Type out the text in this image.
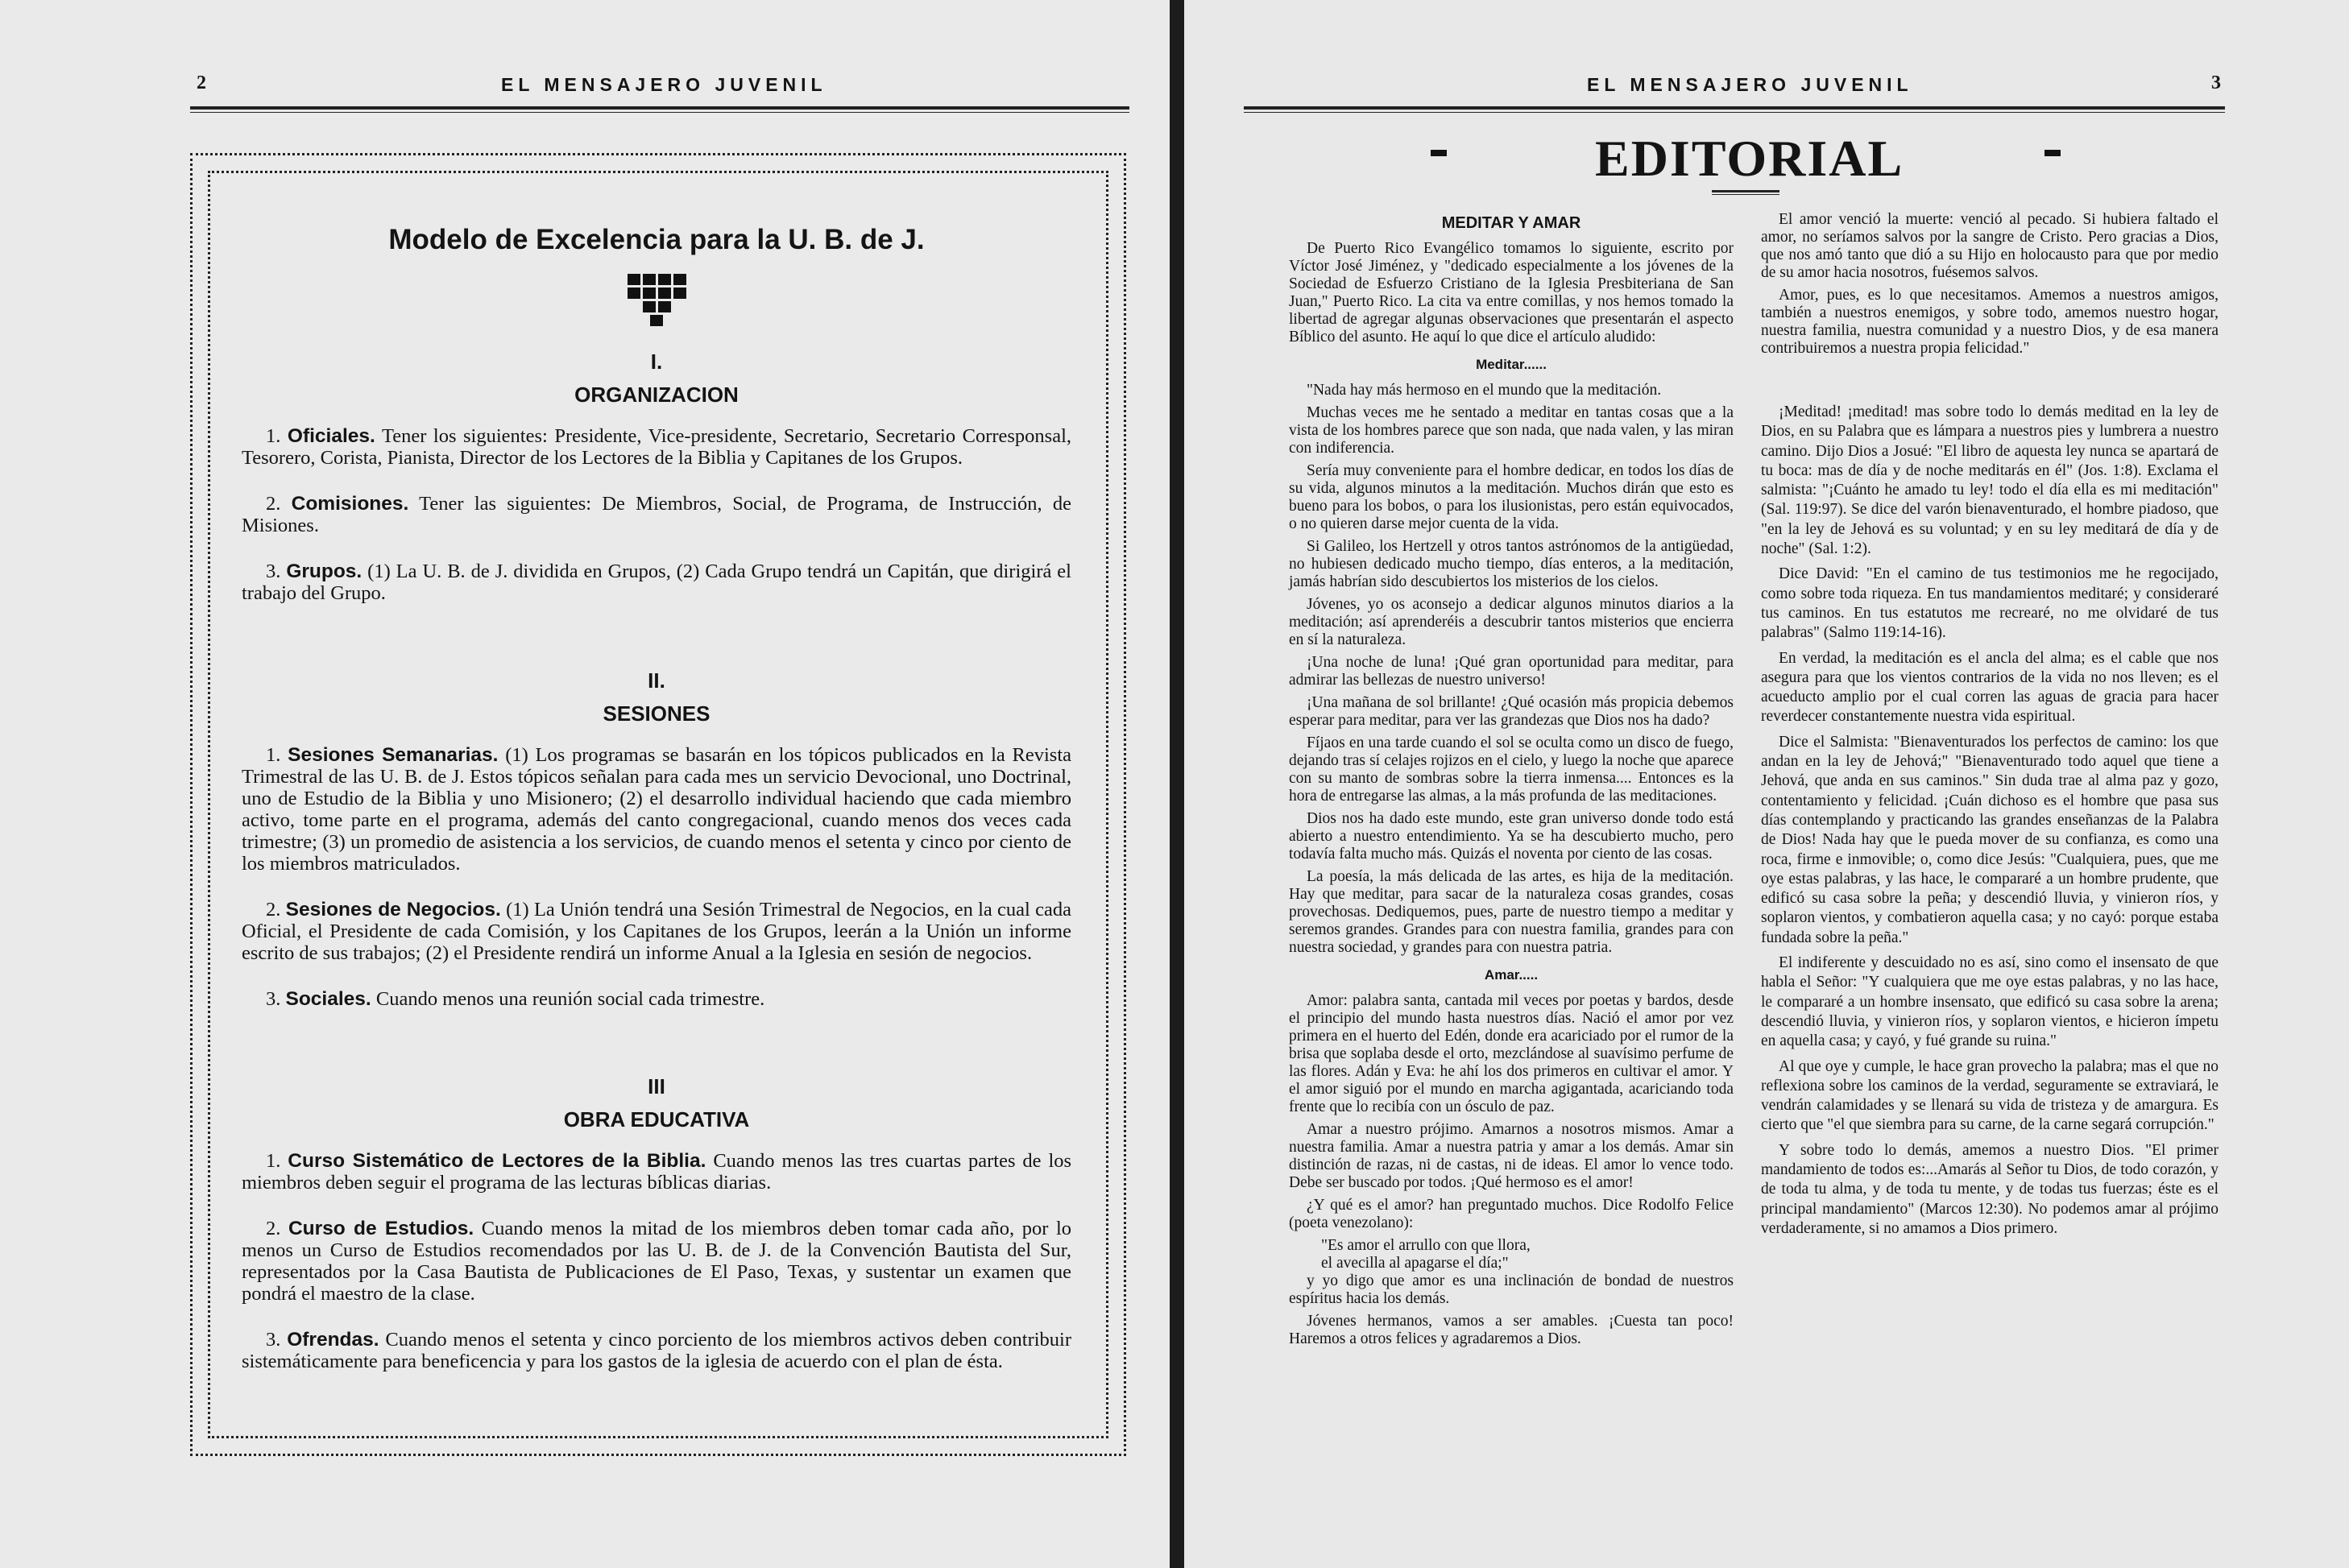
2	EL MENSAJERO JUVENIL
Modelo de Excelencia para la U. B. de J.
I.
ORGANIZACION

1. Oficiales. Tener los siguientes: Presidente, Vice-presidente, Secretario, Secretario Corresponsal, Tesorero, Corista, Pianista, Director de los Lectores de la Biblia y Capitanes de los Grupos.

2. Comisiones. Tener las siguientes: De Miembros, Social, de Programa, de Instrucción, de Misiones.

3. Grupos. (1) La U. B. de J. dividida en Grupos, (2) Cada Grupo tendrá un Capitán, que dirigirá el trabajo del Grupo.

II.
SESIONES

1. Sesiones Semanarias. (1) Los programas se basarán en los tópicos publicados en la Revista Trimestral de las U. B. de J. Estos tópicos señalan para cada mes un servicio Devocional, uno Doctrinal, uno de Estudio de la Biblia y uno Misionero; (2) el desarrollo individual haciendo que cada miembro activo, tome parte en el programa, además del canto congregacional, cuando menos dos veces cada trimestre; (3) un promedio de asistencia a los servicios, de cuando menos el setenta y cinco por ciento de los miembros matriculados.

2. Sesiones de Negocios. (1) La Unión tendrá una Sesión Trimestral de Negocios, en la cual cada Oficial, el Presidente de cada Comisión, y los Capitanes de los Grupos, leerán a la Unión un informe escrito de sus trabajos; (2) el Presidente rendirá un informe Anual a la Iglesia en sesión de negocios.

3. Sociales. Cuando menos una reunión social cada trimestre.

III
OBRA EDUCATIVA

1. Curso Sistemático de Lectores de la Biblia. Cuando menos las tres cuartas partes de los miembros deben seguir el programa de las lecturas bíblicas diarias.

2. Curso de Estudios. Cuando menos la mitad de los miembros deben tomar cada año, por lo menos un Curso de Estudios recomendados por las U. B. de J. de la Convención Bautista del Sur, representados por la Casa Bautista de Publicaciones de El Paso, Texas, y sustentar un examen que pondrá el maestro de la clase.

3. Ofrendas. Cuando menos el setenta y cinco porciento de los miembros activos deben contribuir sistemáticamente para beneficencia y para los gastos de la iglesia de acuerdo con el plan de ésta.

EL MENSAJERO JUVENIL	3
EDITORIAL
MEDITAR Y AMAR

De Puerto Rico Evangélico tomamos lo siguiente, escrito por Víctor José Jiménez, y "dedicado especialmente a los jóvenes de la Sociedad de Esfuerzo Cristiano de la Iglesia Presbiteriana de San Juan," Puerto Rico. La cita va entre comillas, y nos hemos tomado la libertad de agregar algunas observaciones que presentarán el aspecto Bíblico del asunto. He aquí lo que dice el artículo aludido:

Meditar......

"Nada hay más hermoso en el mundo que la meditación.

Muchas veces me he sentado a meditar en tantas cosas que a la vista de los hombres parece que son nada, que nada valen, y las miran con indiferencia.

Sería muy conveniente para el hombre dedicar, en todos los días de su vida, algunos minutos a la meditación. Muchos dirán que esto es bueno para los bobos, o para los ilusionistas, pero están equivocados, o no quieren darse mejor cuenta de la vida.

Si Galileo, los Hertzell y otros tantos astrónomos de la antigüedad, no hubiesen dedicado mucho tiempo, días enteros, a la meditación, jamás habrían sido descubiertos los misterios de los cielos.

Jóvenes, yo os aconsejo a dedicar algunos minutos diarios a la meditación; así aprenderéis a descubrir tantos misterios que encierra en sí la naturaleza.

¡Una noche de luna! ¡Qué gran oportunidad para meditar, para admirar las bellezas de nuestro universo!

¡Una mañana de sol brillante! ¿Qué ocasión más propicia debemos esperar para meditar, para ver las grandezas que Dios nos ha dado?

Fíjaos en una tarde cuando el sol se oculta como un disco de fuego, dejando tras sí celajes rojizos en el cielo, y luego la noche que aparece con su manto de sombras sobre la tierra inmensa.... Entonces es la hora de entregarse las almas, a la más profunda de las meditaciones.

Dios nos ha dado este mundo, este gran universo donde todo está abierto a nuestro entendimiento. Ya se ha descubierto mucho, pero todavía falta mucho más. Quizás el noventa por ciento de las cosas.

La poesía, la más delicada de las artes, es hija de la meditación. Hay que meditar, para sacar de la naturaleza cosas grandes, cosas provechosas. Dediquemos, pues, parte de nuestro tiempo a meditar y seremos grandes. Grandes para con nuestra familia, grandes para con nuestra sociedad, y grandes para con nuestra patria.

Amar.....

Amor: palabra santa, cantada mil veces por poetas y bardos, desde el principio del mundo hasta nuestros días. Nació el amor por vez primera en el huerto del Edén, donde era acariciado por el rumor de la brisa que soplaba desde el orto, mezclándose al suavísimo perfume de las flores. Adán y Eva: he ahí los dos primeros en cultivar el amor. Y el amor siguió por el mundo en marcha agigantada, acariciando toda frente que lo recibía con un ósculo de paz.

Amar a nuestro prójimo. Amarnos a nosotros mismos. Amar a nuestra familia. Amar a nuestra patria y amar a los demás. Amar sin distinción de razas, ni de castas, ni de ideas. El amor lo vence todo. Debe ser buscado por todos. ¡Qué hermoso es el amor!

¿Y qué es el amor? han preguntado muchos. Dice Rodolfo Felice (poeta venezolano):

"Es amor el arrullo con que llora,

el avecilla al apagarse el día;"

y yo digo que amor es una inclinación de bondad de nuestros espíritus hacia los demás.

Jóvenes hermanos, vamos a ser amables. ¡Cuesta tan poco! Haremos a otros felices y agradaremos a Dios.

El amor venció la muerte: venció al pecado. Si hubiera faltado el amor, no seríamos salvos por la sangre de Cristo. Pero gracias a Dios, que nos amó tanto que dió a su Hijo en holocausto para que por medio de su amor hacia nosotros, fuésemos salvos.

Amor, pues, es lo que necesitamos. Amemos a nuestros amigos, también a nuestros enemigos, y sobre todo, amemos nuestro hogar, nuestra familia, nuestra comunidad y a nuestro Dios, y de esa manera contribuiremos a nuestra propia felicidad."

¡Meditad! ¡meditad! mas sobre todo lo demás meditad en la ley de Dios, en su Palabra que es lámpara a nuestros pies y lumbrera a nuestro camino. Dijo Dios a Josué: "El libro de aquesta ley nunca se apartará de tu boca: mas de día y de noche meditarás en él" (Jos. 1:8). Exclama el salmista: "¡Cuánto he amado tu ley! todo el día ella es mi meditación" (Sal. 119:97). Se dice del varón bienaventurado, el hombre piadoso, que "en la ley de Jehová es su voluntad; y en su ley meditará de día y de noche" (Sal. 1:2).

Dice David: "En el camino de tus testimonios me he regocijado, como sobre toda riqueza. En tus mandamientos meditaré; y consideraré tus caminos. En tus estatutos me recrearé, no me olvidaré de tus palabras" (Salmo 119:14-16).

En verdad, la meditación es el ancla del alma; es el cable que nos asegura para que los vientos contrarios de la vida no nos lleven; es el acueducto amplio por el cual corren las aguas de gracia para hacer reverdecer constantemente nuestra vida espiritual.

Dice el Salmista: "Bienaventurados los perfectos de camino: los que andan en la ley de Jehová;" "Bienaventurado todo aquel que tiene a Jehová, que anda en sus caminos." Sin duda trae al alma paz y gozo, contentamiento y felicidad. ¡Cuán dichoso es el hombre que pasa sus días contemplando y practicando las grandes enseñanzas de la Palabra de Dios! Nada hay que le pueda mover de su confianza, es como una roca, firme e inmovible; o, como dice Jesús: "Cualquiera, pues, que me oye estas palabras, y las hace, le compararé a un hombre prudente, que edificó su casa sobre la peña; y descendió lluvia, y vinieron ríos, y soplaron vientos, y combatieron aquella casa; y no cayó: porque estaba fundada sobre la peña."

El indiferente y descuidado no es así, sino como el insensato de que habla el Señor: "Y cualquiera que me oye estas palabras, y no las hace, le compararé a un hombre insensato, que edificó su casa sobre la arena; descendió lluvia, y vinieron ríos, y soplaron vientos, e hicieron ímpetu en aquella casa; y cayó, y fué grande su ruina."

Al que oye y cumple, le hace gran provecho la palabra; mas el que no reflexiona sobre los caminos de la verdad, seguramente se extraviará, le vendrán calamidades y se llenará su vida de tristeza y de amargura. Es cierto que "el que siembra para su carne, de la carne segará corrupción."

Y sobre todo lo demás, amemos a nuestro Dios. "El primer mandamiento de todos es:...Amarás al Señor tu Dios, de todo corazón, y de toda tu alma, y de toda tu mente, y de todas tus fuerzas; éste es el principal mandamiento" (Marcos 12:30). No podemos amar al prójimo verdaderamente, si no amamos a Dios primero.
